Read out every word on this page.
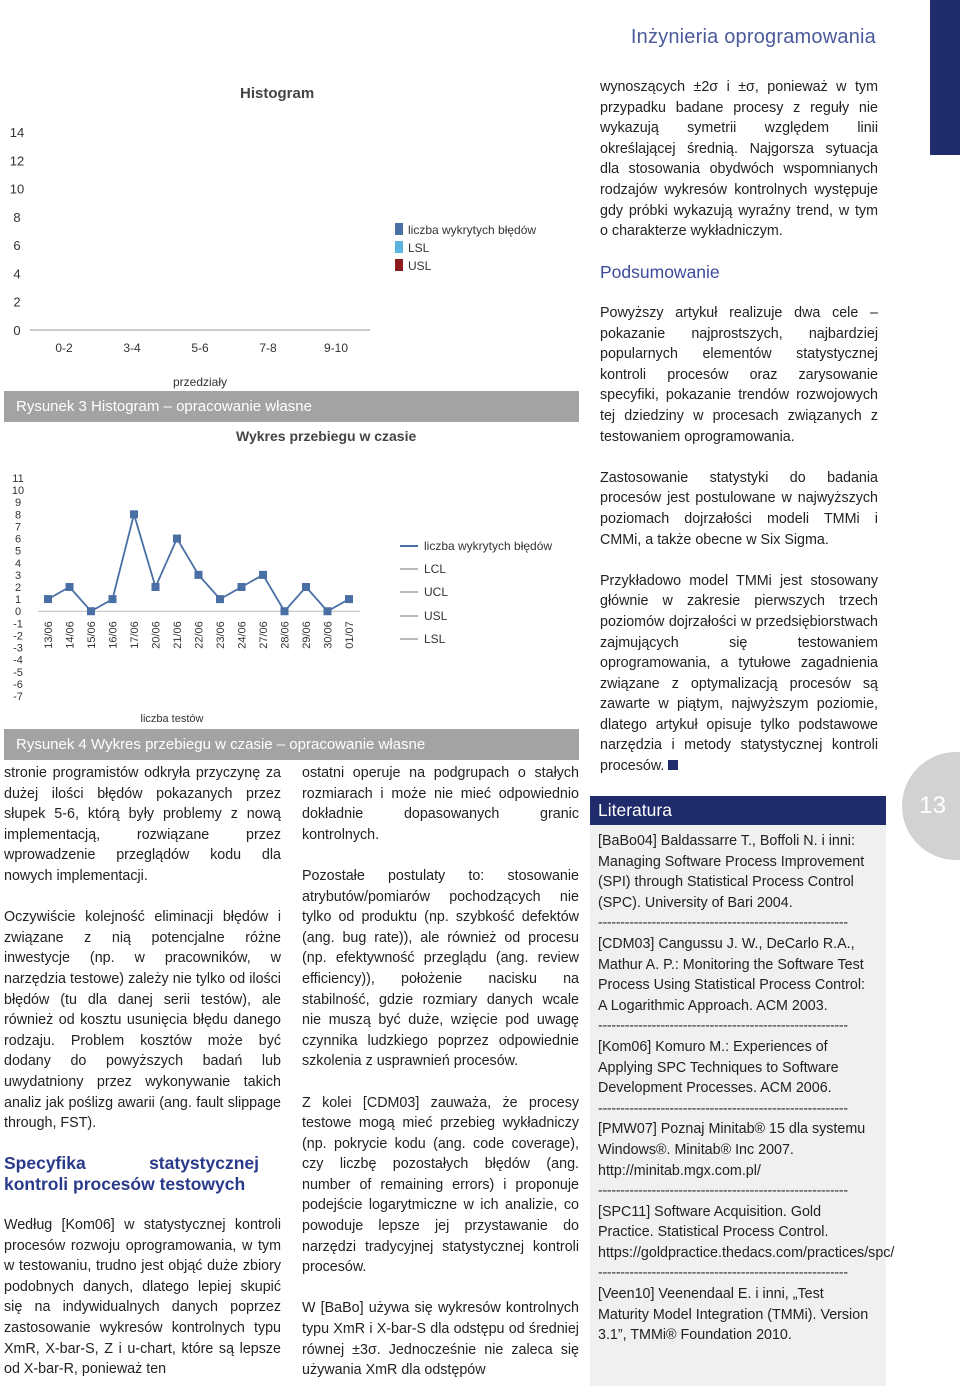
Inżynieria oprogramowania
13
Histogram
0
2
4
6
8
10
12
14
0-2	3-4	5-6	7-8	9-10
przedziały
liczba wykrytych błędów
LSL
USL
Rysunek 3 Histogram – opracowanie własne
Wykres przebiegu w czasie
11
10
9
8
7
6
5
4
3
2
1
0
-1
-2
-3
-4
-5
-6
-7
13/06 14/06 15/06 16/06 17/06 20/06 21/06 22/06 23/06 24/06 27/06 28/06 29/06 30/06 01/07
liczba testów
liczba wykrytych błędów
LCL
UCL
USL
LSL
Rysunek 4 Wykres przebiegu w czasie – opracowanie własne

stronie programistów odkryła przyczynę za dużej ilości błędów pokazanych przez słupek 5-6, którą były problemy z nową implementacją, rozwiązane przez wprowadzenie przeglądów kodu dla nowych implementacji.

Oczywiście kolejność eliminacji błędów i związane z nią potencjalne różne inwestycje (np. w pracowników, w narzędzia testowe) zależy nie tylko od ilości błędów (tu dla danej serii testów), ale również od kosztu usunięcia błędu danego rodzaju. Problem kosztów może być dodany do powyższych badań lub uwydatniony przez wykonywanie takich analiz jak poślizg awarii (ang. fault slippage through, FST).

Specyfika statystycznej kontroli procesów testowych

Według [Kom06] w statystycznej kontroli procesów rozwoju oprogramowania, w tym w testowaniu, trudno jest objąć duże zbiory podobnych danych, dlatego lepiej skupić się na indywidualnych danych poprzez zastosowanie wykresów kontrolnych typu XmR, X-bar-S, Z i u-chart, które są lepsze od X-bar-R, ponieważ ten

ostatni operuje na podgrupach o stałych rozmiarach i może nie mieć odpowiednio dokładnie dopasowanych granic kontrolnych.

Pozostałe postulaty to: stosowanie atrybutów/pomiarów pochodzących nie tylko od produktu (np. szybkość defektów (ang. bug rate)), ale również od procesu (np. efektywność przeglądu (ang. review efficiency)), położenie nacisku na stabilność, gdzie rozmiary danych wcale nie muszą być duże, wzięcie pod uwagę czynnika ludzkiego poprzez odpowiednie szkolenia z usprawnień procesów.

Z kolei [CDM03] zauważa, że procesy testowe mogą mieć przebieg wykładniczy (np. pokrycie kodu (ang. code coverage), czy liczbę pozostałych błędów (ang. number of remaining errors) i proponuje podejście logarytmiczne w ich analizie, co powoduje lepsze jej przystawanie do narzędzi tradycyjnej statystycznej kontroli procesów.

W [BaBo] używa się wykresów kontrolnych typu XmR i X-bar-S dla odstępu od średniej równej ±3σ. Jednocześnie nie zaleca się używania XmR dla odstępów

wynoszących ±2σ i ±σ, ponieważ w tym przypadku badane procesy z reguły nie wykazują symetrii względem linii określającej średnią. Najgorsza sytuacja dla stosowania obydwóch wspomnianych rodzajów wykresów kontrolnych występuje gdy próbki wykazują wyraźny trend, w tym o charakterze wykładniczym.

Podsumowanie

Powyższy artykuł realizuje dwa cele – pokazanie najprostszych, najbardziej popularnych elementów statystycznej kontroli procesów oraz zarysowanie specyfiki, pokazanie trendów rozwojowych tej dziedziny w procesach związanych z testowaniem oprogramowania.

Zastosowanie statystyki do badania procesów jest postulowane w najwyższych poziomach dojrzałości modeli TMMi i CMMi, a także obecne w Six Sigma.

Przykładowo model TMMi jest stosowany głównie w zakresie pierwszych trzech poziomów dojrzałości w przedsiębiorstwach zajmujących się testowaniem oprogramowania, a tytułowe zagadnienia związane z optymalizacją procesów są zawarte w piątym, najwyższym poziomie, dlatego artykuł opisuje tylko podstawowe narzędzia i metody statystycznej kontroli procesów.

Literatura

[BaBo04] Baldassarre T., Boffoli N. i inni: Managing Software Process Improvement (SPI) through Statistical Process Control (SPC). University of Bari 2004.

--------------------------------------------------------

[CDM03] Cangussu J. W., DeCarlo R.A., Mathur A. P.: Monitoring the Software Test Process Using Statistical Process Control: A Logarithmic Approach. ACM 2003.

--------------------------------------------------------

[Kom06] Komuro M.: Experiences of Applying SPC Techniques to Software Development Processes. ACM 2006.

--------------------------------------------------------

[PMW07] Poznaj Minitab® 15 dla systemu Windows®. Minitab® Inc 2007. http://minitab.mgx.com.pl/

--------------------------------------------------------

[SPC11] Software Acquisition. Gold Practice. Statistical Process Control. https://goldpractice.thedacs.com/practices/spc/

--------------------------------------------------------

[Veen10] Veenendaal E. i inni, „Test Maturity Model Integration (TMMi). Version 3.1”, TMMi® Foundation 2010.
